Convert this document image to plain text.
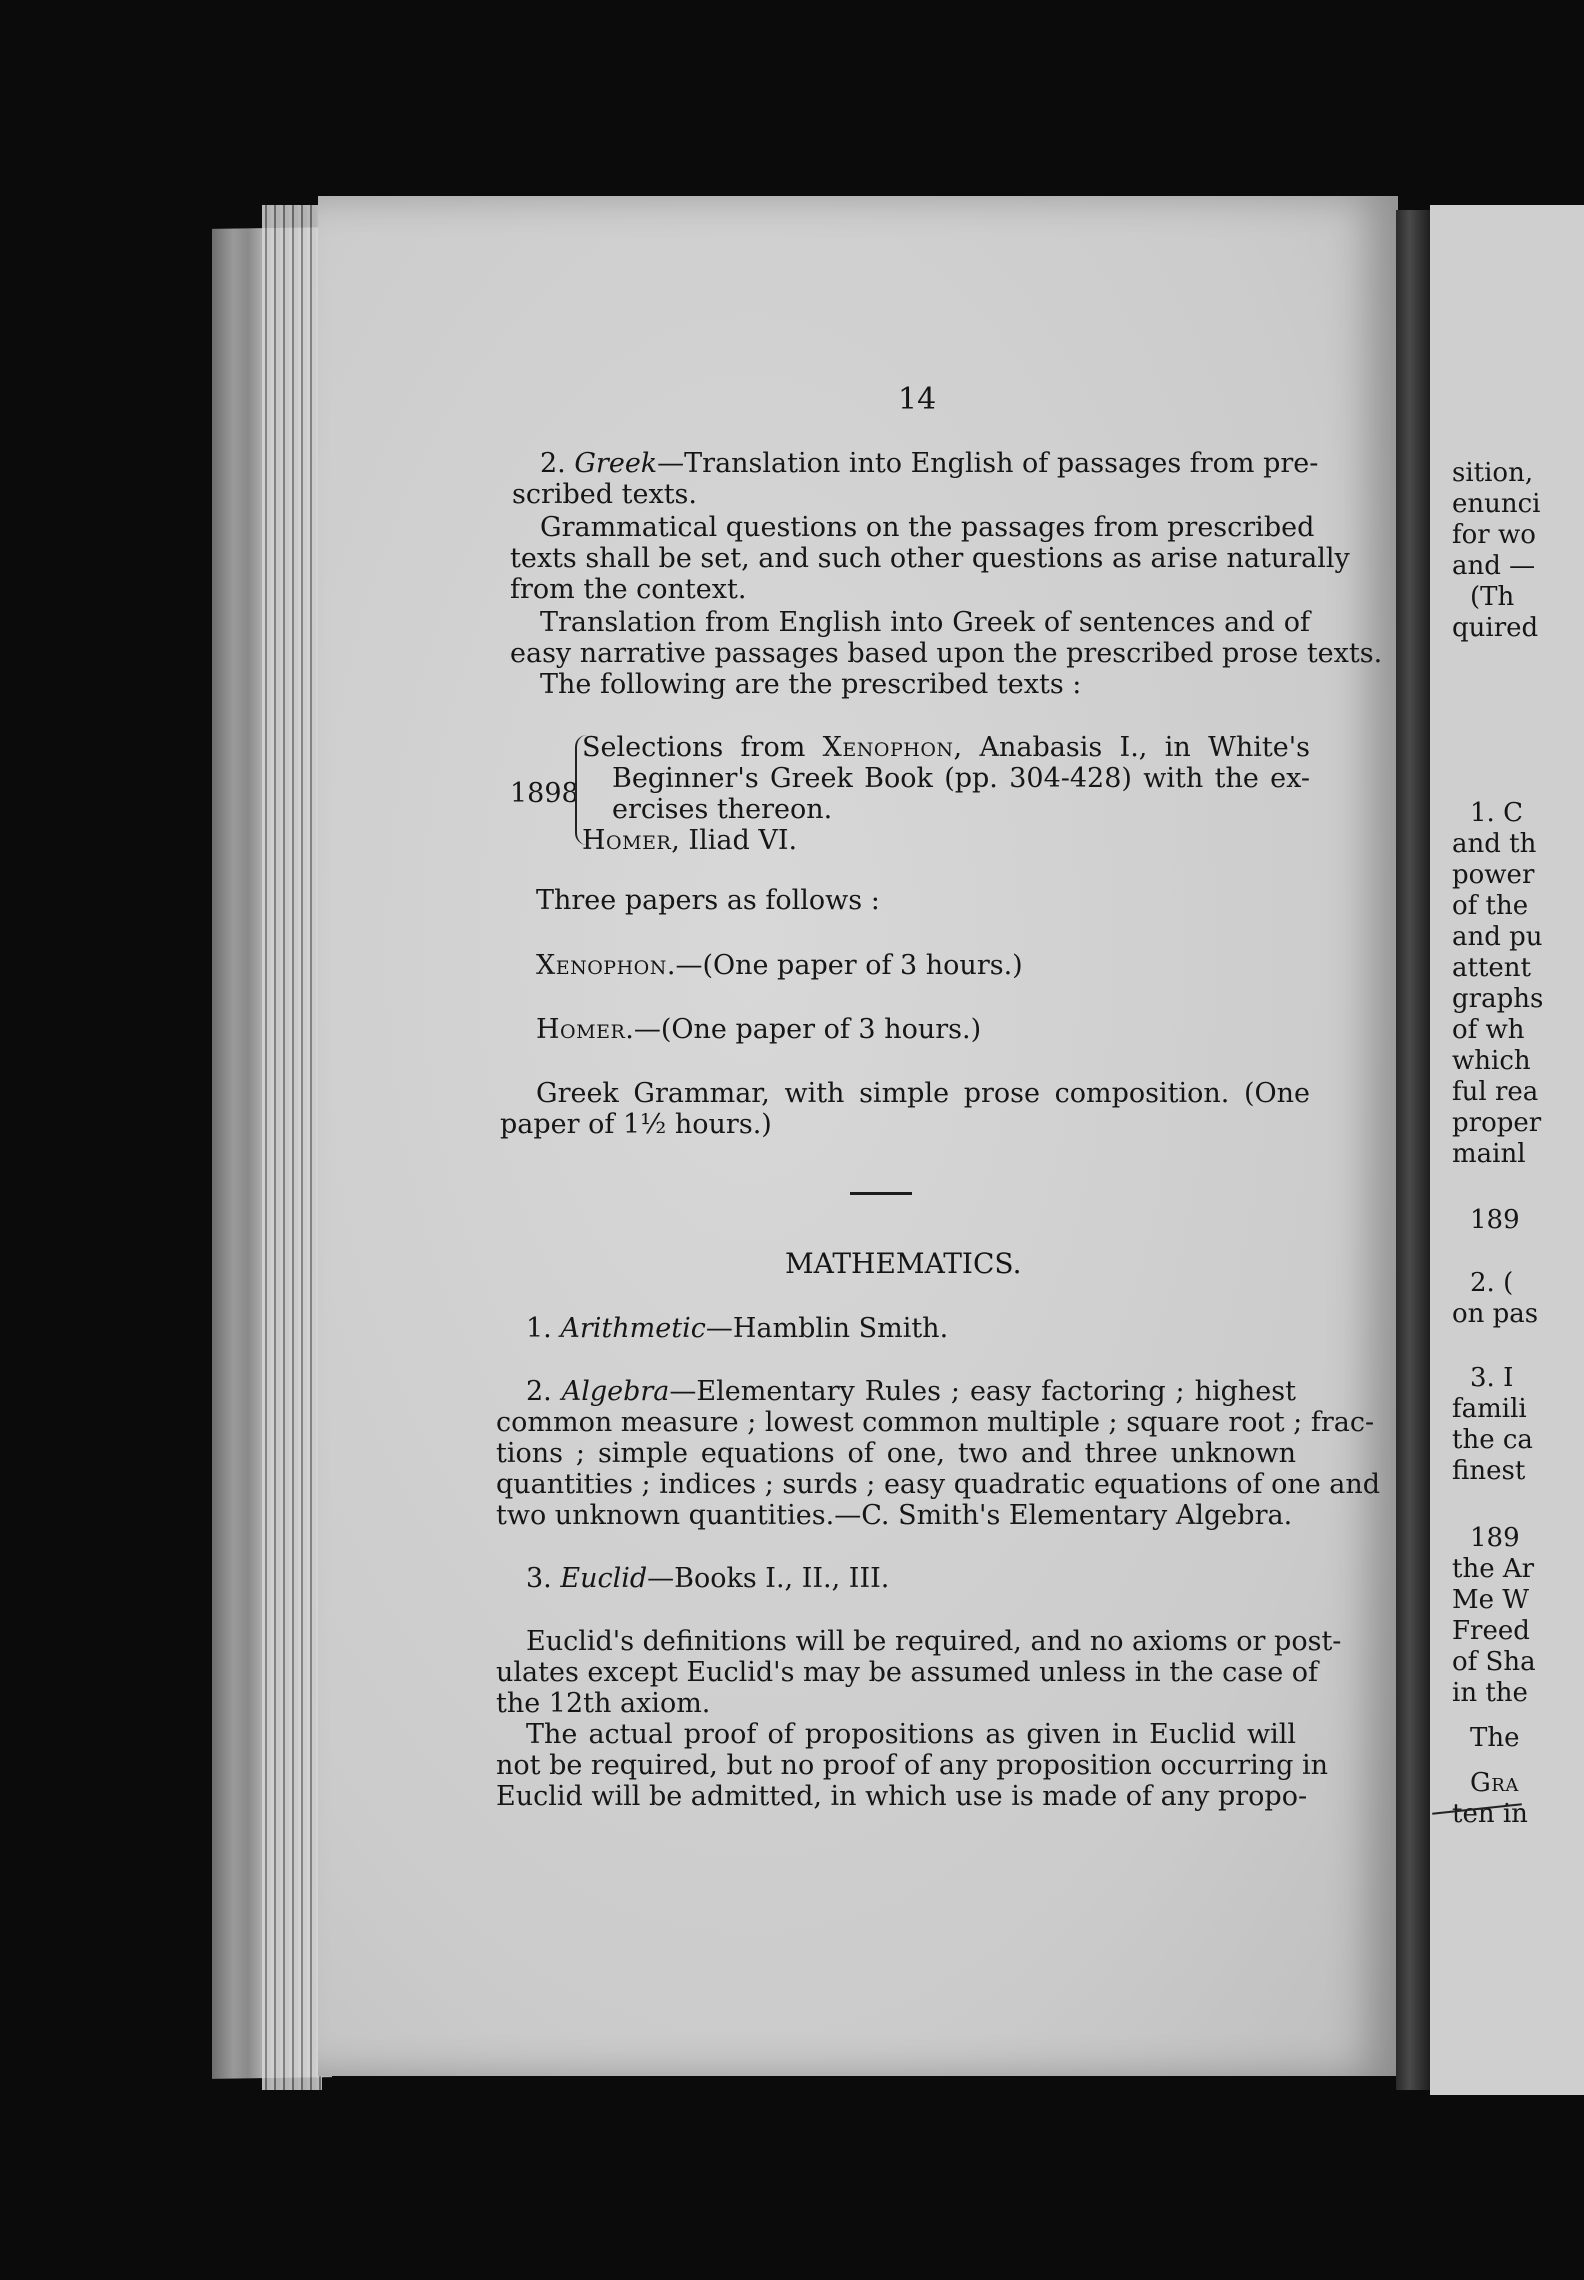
sition,
enunci
for wo
and —
(Th
quired
1. C
and th
power
of the
and pu
attent
graphs
of wh
which
ful rea
proper
mainl
189
2. (
on pas
3. I
famili
the ca
finest
189
the Ar
Me W
Freed
of Sha
in the
The
Gra
ten in
14
2. Greek—Translation into English of passages from pre-
scribed texts.
Grammatical questions on the passages from prescribed
texts shall be set, and such other questions as arise naturally
from the context.
Translation from English into Greek of sentences and of
easy narrative passages based upon the prescribed prose texts.
The following are the prescribed texts :
1898
Selections from Xenophon, Anabasis I., in White's
Beginner's Greek Book (pp. 304-428) with the ex-
ercises thereon.
Homer, Iliad VI.
Three papers as follows :
Xenophon.—(One paper of 3 hours.)
Homer.—(One paper of 3 hours.)
Greek Grammar, with simple prose composition. (One
paper of 1½ hours.)
MATHEMATICS.
1. Arithmetic—Hamblin Smith.
2. Algebra—Elementary Rules ; easy factoring ; highest
common measure ; lowest common multiple ; square root ; frac-
tions ; simple equations of one, two and three unknown
quantities ; indices ; surds ; easy quadratic equations of one and
two unknown quantities.—C. Smith's Elementary Algebra.
3. Euclid—Books I., II., III.
Euclid's definitions will be required, and no axioms or post-
ulates except Euclid's may be assumed unless in the case of
the 12th axiom.
The actual proof of propositions as given in Euclid will
not be required, but no proof of any proposition occurring in
Euclid will be admitted, in which use is made of any propo-
